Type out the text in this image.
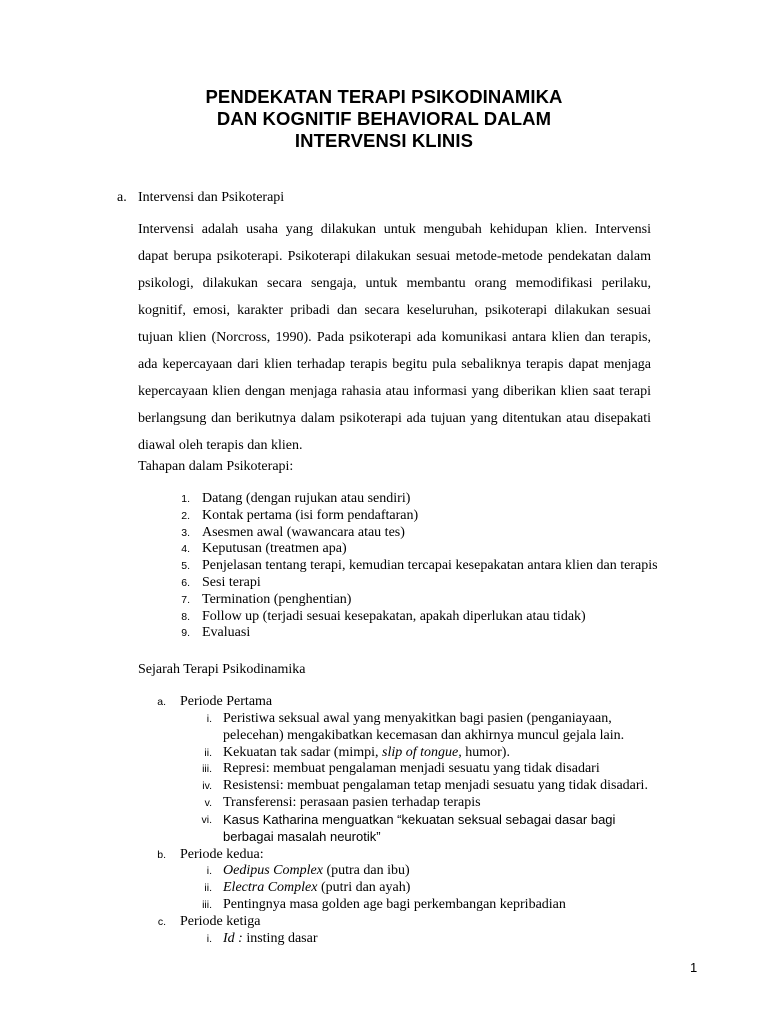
PENDEKATAN TERAPI PSIKODINAMIKA
DAN KOGNITIF BEHAVIORAL DALAM
INTERVENSI KLINIS
a. Intervensi dan Psikoterapi
Intervensi adalah usaha yang dilakukan untuk mengubah kehidupan klien. Intervensi
dapat berupa psikoterapi. Psikoterapi dilakukan sesuai metode-metode pendekatan dalam
psikologi, dilakukan secara sengaja, untuk membantu orang memodifikasi perilaku,
kognitif, emosi, karakter pribadi dan secara keseluruhan, psikoterapi dilakukan sesuai
tujuan klien (Norcross, 1990). Pada psikoterapi ada komunikasi antara klien dan terapis,
ada kepercayaan dari klien terhadap terapis begitu pula sebaliknya terapis dapat menjaga
kepercayaan klien dengan menjaga rahasia atau informasi yang diberikan klien saat terapi
berlangsung dan berikutnya dalam psikoterapi ada tujuan yang ditentukan atau disepakati
diawal oleh terapis dan klien.
Tahapan dalam Psikoterapi:
1. Datang (dengan rujukan atau sendiri)
2. Kontak pertama (isi form pendaftaran)
3. Asesmen awal (wawancara atau tes)
4. Keputusan (treatmen apa)
5. Penjelasan tentang terapi, kemudian tercapai kesepakatan antara klien dan terapis
6. Sesi terapi
7. Termination (penghentian)
8. Follow up (terjadi sesuai kesepakatan, apakah diperlukan atau tidak)
9. Evaluasi
Sejarah Terapi Psikodinamika
a. Periode Pertama
i. Peristiwa seksual awal yang menyakitkan bagi pasien (penganiayaan,
pelecehan) mengakibatkan kecemasan dan akhirnya muncul gejala lain.
ii. Kekuatan tak sadar (mimpi, slip of tongue, humor).
iii. Represi: membuat pengalaman menjadi sesuatu yang tidak disadari
iv. Resistensi: membuat pengalaman tetap menjadi sesuatu yang tidak disadari.
v. Transferensi: perasaan pasien terhadap terapis
vi. Kasus Katharina menguatkan “kekuatan seksual sebagai dasar bagi
berbagai masalah neurotik”
b. Periode kedua:
i. Oedipus Complex (putra dan ibu)
ii. Electra Complex (putri dan ayah)
iii. Pentingnya masa golden age bagi perkembangan kepribadian
c. Periode ketiga
i. Id : insting dasar
1
